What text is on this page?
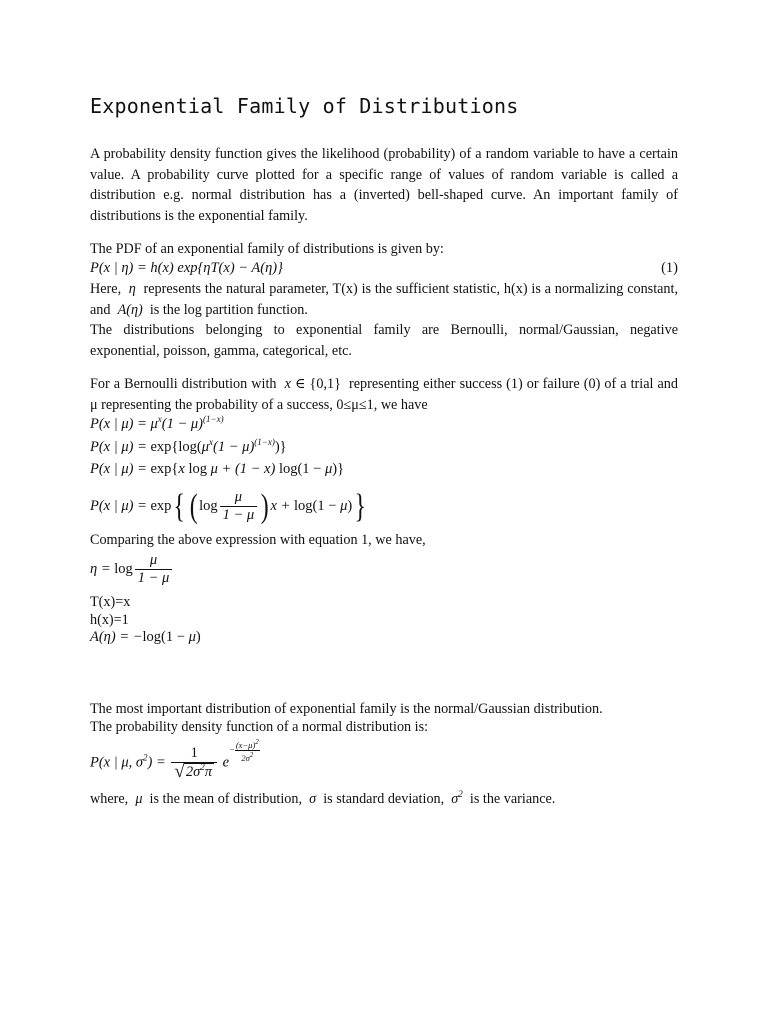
Exponential Family of Distributions

A probability density function gives the likelihood (probability) of a random variable to have a certain value. A probability curve plotted for a specific range of values of random variable is called a distribution e.g. normal distribution has a (inverted) bell-shaped curve. An important family of distributions is the exponential family.

The PDF of an exponential family of distributions is given by:

P(x | η) = h(x) exp{ηT(x) − A(η)}	(1)

Here,  η  represents the natural parameter, T(x) is the sufficient statistic, h(x) is a normalizing constant, and  A(η)  is the log partition function.

The distributions belonging to exponential family are Bernoulli, normal/Gaussian, negative exponential, poisson, gamma, categorical, etc.

For a Bernoulli distribution with  x ∈ {0,1}  representing either success (1) or failure (0) of a trial and μ representing the probability of a success, 0≤μ≤1, we have

P(x | $\mu) = \mu^x(1 - \mu)^{(1-x)}$
P(x | $\mu) = \exp\{\log(\mu^x(1 - \mu)^{(1-x)})\}$
P(x | μ) = exp{x log μ + (1 − x) log(1 − μ)}
P(x | μ) = exp{ ( $\log \frac{\mu}{1 - \mu}$ ) x + log(1 − μ)}

Comparing the above expression with equation 1, we have,

$\eta = \log \frac{\mu}{1 - \mu}$

T(x)=x

h(x)=1

A(η) = −log(1 − μ)

The most important distribution of exponential family is the normal/Gaussian distribution.

The probability density function of a normal distribution is:

P(x | μ, $\sigma^2) = \frac{1}{√2\sigma^2\pi} e- \frac{(x-\mu)^2}{2\sigma^2}$

where,  μ  is the mean of distribution,  σ  is standard deviation,  $\sigma^2$ is the variance.
